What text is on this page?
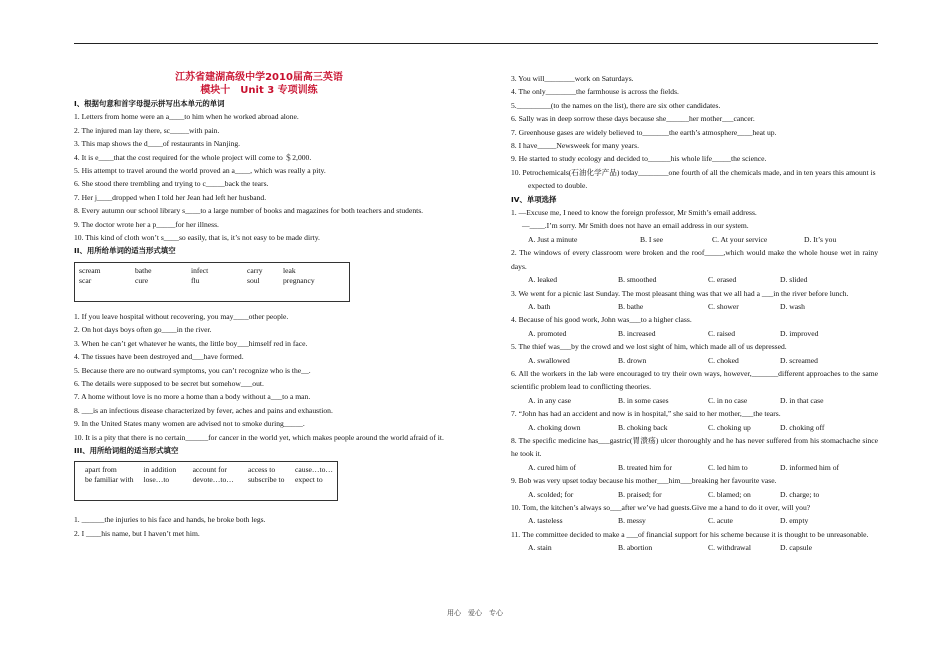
江苏省建湖高级中学2010届高三英语
模块十　Unit 3 专项训练
I、根据句意和首字母提示拼写出本单元的单词
1. Letters from home were an a____to him when he worked abroad alone.
2. The injured man lay there, sc_____with pain.
3. This map shows the d____of restaurants in Nanjing.
4. It is e____that the cost required for the whole project will come to ＄2,000.
5. His attempt to travel around the world proved an a____, which was really a pity.
6. She stood there trembling and trying to c_____back the tears.
7. Her j____dropped when I told her Jean had left her husband.
8. Every autumn our school library s____to a large number of books and magazines for both teachers and students.
9. The doctor wrote her a p_____for her illness.
10. This kind of cloth won’t s____so easily, that is, it’s not easy to be made dirty.
II、用所给单词的适当形式填空
scream	bathe	infect	carry	leak
scar	cure	flu	soul	pregnancy
1. If you leave hospital without recovering, you may____other people.
2. On hot days boys often go____in the river.
3. When he can’t get whatever he wants, the little boy___himself red in face.
4. The tissues have been destroyed and___have formed.
5. Because there are no outward symptoms, you can’t recognize who is the__.
6. The details were supposed to be secret but somehow___out.
7. A home without love is no more a home than a body without a___to a man.
8. ___is an infectious disease characterized by fever, aches and pains and exhaustion.
9. In the United States many women are advised not to smoke during_____.
10. It is a pity that there is no certain______for cancer in the world yet, which makes people around the world afraid of it.
III、用所给词组的适当形式填空
apart from	in addition	account for	access to	cause…to…
be familiar with	lose…to	devote…to…	subscribe to	expect to
1. ______the injuries to his face and hands, he broke both legs.
2. I ____his name, but I haven’t met him.
3. You will________work on Saturdays.
4. The only________the farmhouse is across the fields.
5._________(to the names on the list), there are six other candidates.
6. Sally was in deep sorrow these days because she______her mother___cancer.
7. Greenhouse gases are widely believed to_______the earth’s atmosphere____heat up.
8. I have_____Newsweek for many years.
9. He started to study ecology and decided to______his whole life_____the science.
10. Petrochemicals(石油化学产品) today________one fourth of all the chemicals made, and in ten years this amount is expected to double.
IV、单项选择
1. —Excuse me, I need to know the foreign professor, Mr Smith’s email address.
—____.I’m sorry. Mr Smith does not have an email address in our system.
A. Just a minute	B. I see	C. At your service	D. It’s you
2. The windows of every classroom were broken and the roof_____,which would make the whole house wet in rainy days.
A. leaked	B. smoothed	C. erased	D. slided
3. We went for a picnic last Sunday. The most pleasant thing was that we all had a ___in the river before lunch.
A. bath	B. bathe	C. shower	D. wash
4. Because of his good work, John was___to a higher class.
A. promoted	B. increased	C. raised	D. improved
5. The thief was___by the crowd and we lost sight of him, which made all of us depressed.
A. swallowed	B. drown	C. choked	D. screamed
6. All the workers in the lab were encouraged to try their own ways, however,_______different approaches to the same scientific problem lead to conflicting theories.
A. in any case	B. in some cases	C. in no case	D. in that case
7. “John has had an accident and now is in hospital,” she said to her mother,___the tears.
A. choking down	B. choking back	C. choking up	D. choking off
8. The specific medicine has___gastric(胃溃疡) ulcer thoroughly and he has never suffered from his stomachache since he took it.
A. cured him of	B. treated him for	C. led him to	D. informed him of
9. Bob was very upset today because his mother___him___breaking her favourite vase.
A. scolded; for	B. praised; for	C. blamed; on	D. charge; to
10. Tom, the kitchen’s always so___after we’ve had guests.Give me a hand to do it over, will you?
A. tasteless	B. messy	C. acute	D. empty
11. The committee decided to make a ___of financial support for his scheme because it is thought to be unreasonable.
A. stain	B. abortion	C. withdrawal	D. capsule
用心　爱心　专心
